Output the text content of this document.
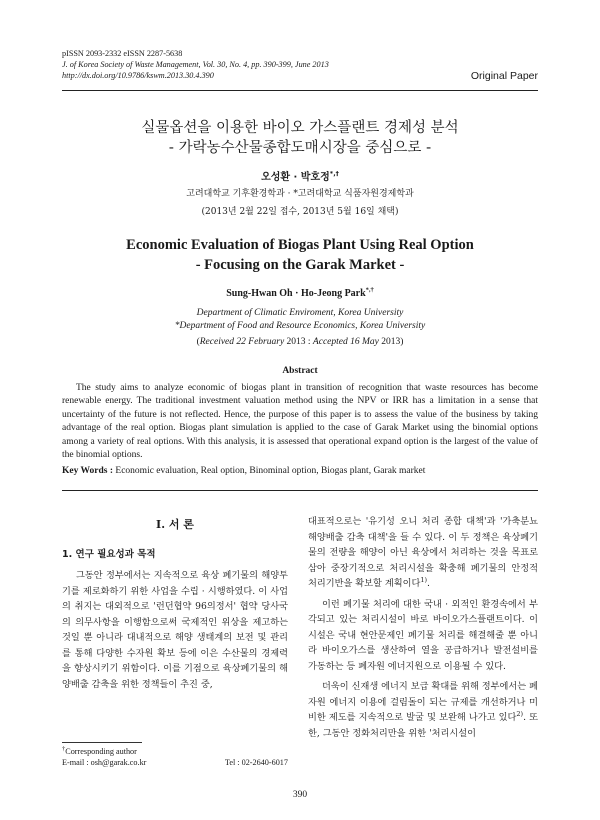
pISSN 2093-2332 eISSN 2287-5638
J. of Korea Society of Waste Management, Vol. 30, No. 4, pp. 390-399, June 2013
http://dx.doi.org/10.9786/kswm.2013.30.4.390	Original Paper
실물옵션을 이용한 바이오 가스플랜트 경제성 분석
- 가락농수산물종합도매시장을 중심으로 -
오성환 · 박호정*,†
고려대학교 기후환경학과 · *고려대학교 식품자원경제학과
(2013년 2월 22일 접수, 2013년 5월 16일 채택)
Economic Evaluation of Biogas Plant Using Real Option
- Focusing on the Garak Market -
Sung-Hwan Oh · Ho-Jeong Park*,†
Department of Climatic Enviroment, Korea University
*Department of Food and Resource Economics, Korea University
(Received 22 February 2013 : Accepted 16 May 2013)
Abstract
The study aims to analyze economic of biogas plant in transition of recognition that waste resources has become renewable energy. The traditional investment valuation method using the NPV or IRR has a limitation in a sense that uncertainty of the future is not reflected. Hence, the purpose of this paper is to assess the value of the business by taking advantage of the real option. Biogas plant simulation is applied to the case of Garak Market using the binomial options among a variety of real options. With this analysis, it is assessed that operational expand option is the largest of the value of the binomial options.
Key Words : Economic evaluation, Real option, Binominal option, Biogas plant, Garak market
I. 서 론
1. 연구 필요성과 목적

그동안 정부에서는 지속적으로 육상 폐기물의 해양투기를 제로화하기 위한 사업을 수립 · 시행하였다. 이 사업의 취지는 대외적으로 '런던협약 96의정서' 협약 당사국의 의무사항을 이행함으로써 국제적인 위상을 제고하는 것일 뿐 아니라 대내적으로 해양 생태계의 보전 및 관리를 통해 다양한 수자원 확보 등에 이은 수산물의 경제력을 향상시키기 위함이다. 이를 기점으로 육상폐기물의 해양배출 감축을 위한 정책들이 추진 중,

대표적으로는 '유기성 오니 처리 종합 대책'과 '가축분뇨 해양배출 감축 대책'을 들 수 있다. 이 두 정책은 육상폐기물의 전량을 해양이 아닌 육상에서 처리하는 것을 목표로 삼아 중장기적으로 처리시설을 확충해 폐기물의 안정적 처리기반을 확보할 계획이다$^{1)}$.

이런 폐기물 처리에 대한 국내 · 외적인 환경속에서 부각되고 있는 처리시설이 바로 바이오가스플랜트이다. 이 시설은 국내 현안문제인 폐기물 처리를 해결해줄 뿐 아니라 바이오가스를 생산하여 열을 공급하거나 발전설비를 가동하는 등 폐자원 에너지원으로 이용될 수 있다.

더욱이 신재생 에너지 보급 확대를 위해 정부에서는 폐자원 에너지 이용에 걸림돌이 되는 규제를 개선하거나 미비한 제도를 지속적으로 발굴 및 보완해 나가고 있다$^{2)}$. 또한, 그동안 정화처리만을 위한 '처리시설이

†Corresponding author
E-mail : osh@garak.co.kr	Tel : 02-2640-6017
390
